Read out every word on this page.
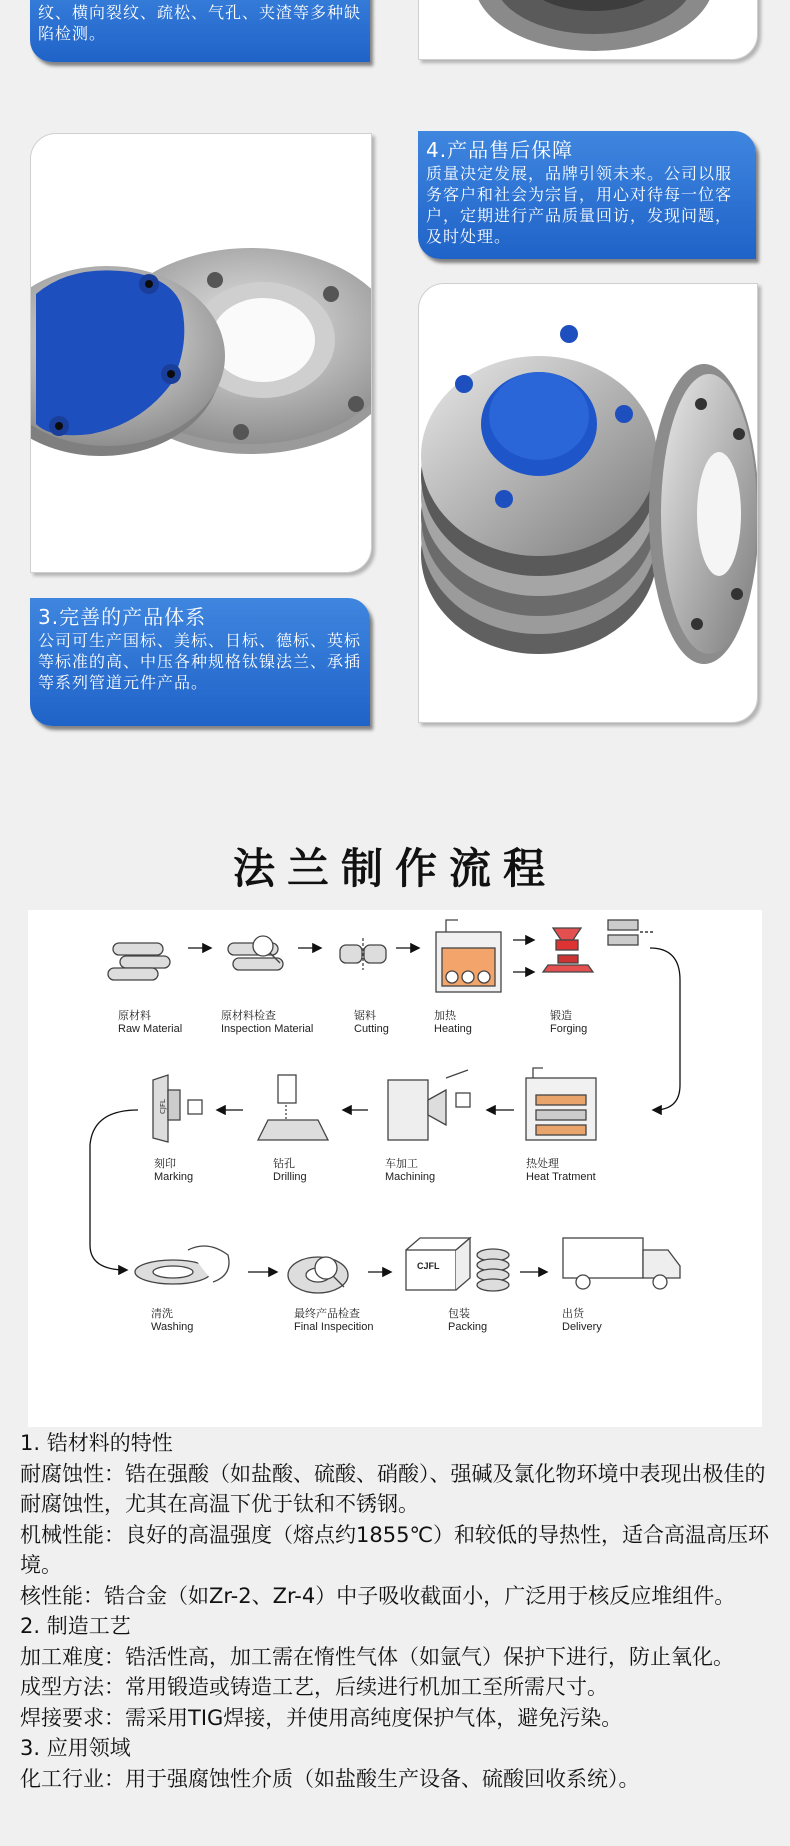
纹、横向裂纹、疏松、气孔、夹渣等多种缺陷检测。
4.产品售后保障
质量决定发展，品牌引领未来。公司以服务客户和社会为宗旨，用心对待每一位客户，定期进行产品质量回访，发现问题，及时处理。
3.完善的产品体系
公司可生产国标、美标、日标、德标、英标等标准的高、中压各种规格钛镍法兰、承插等系列管道元件产品。
法兰制作流程
CJFL
原材料
Raw Material
原材料检查
Inspection Material
锯料
Cutting
加热
Heating
锻造
Forging
热处理
Heat Tratment
车加工
Machining
钻孔
Drilling
刻印
Marking
清洗
Washing
最终产品检查
Final Inspecition
包装
Packing
出货
Delivery
CJFL

1. 锆材料的特性

耐腐蚀性：锆在强酸（如盐酸、硫酸、硝酸）、强碱及氯化物环境中表现出极佳的耐腐蚀性，尤其在高温下优于钛和不锈钢。

机械性能：良好的高温强度（熔点约1855℃）和较低的导热性，适合高温高压环境。

核性能：锆合金（如Zr-2、Zr-4）中子吸收截面小，广泛用于核反应堆组件。

2. 制造工艺

加工难度：锆活性高，加工需在惰性气体（如氩气）保护下进行，防止氧化。

成型方法：常用锻造或铸造工艺，后续进行机加工至所需尺寸。

焊接要求：需采用TIG焊接，并使用高纯度保护气体，避免污染。

3. 应用领域

化工行业：用于强腐蚀性介质（如盐酸生产设备、硫酸回收系统）。
